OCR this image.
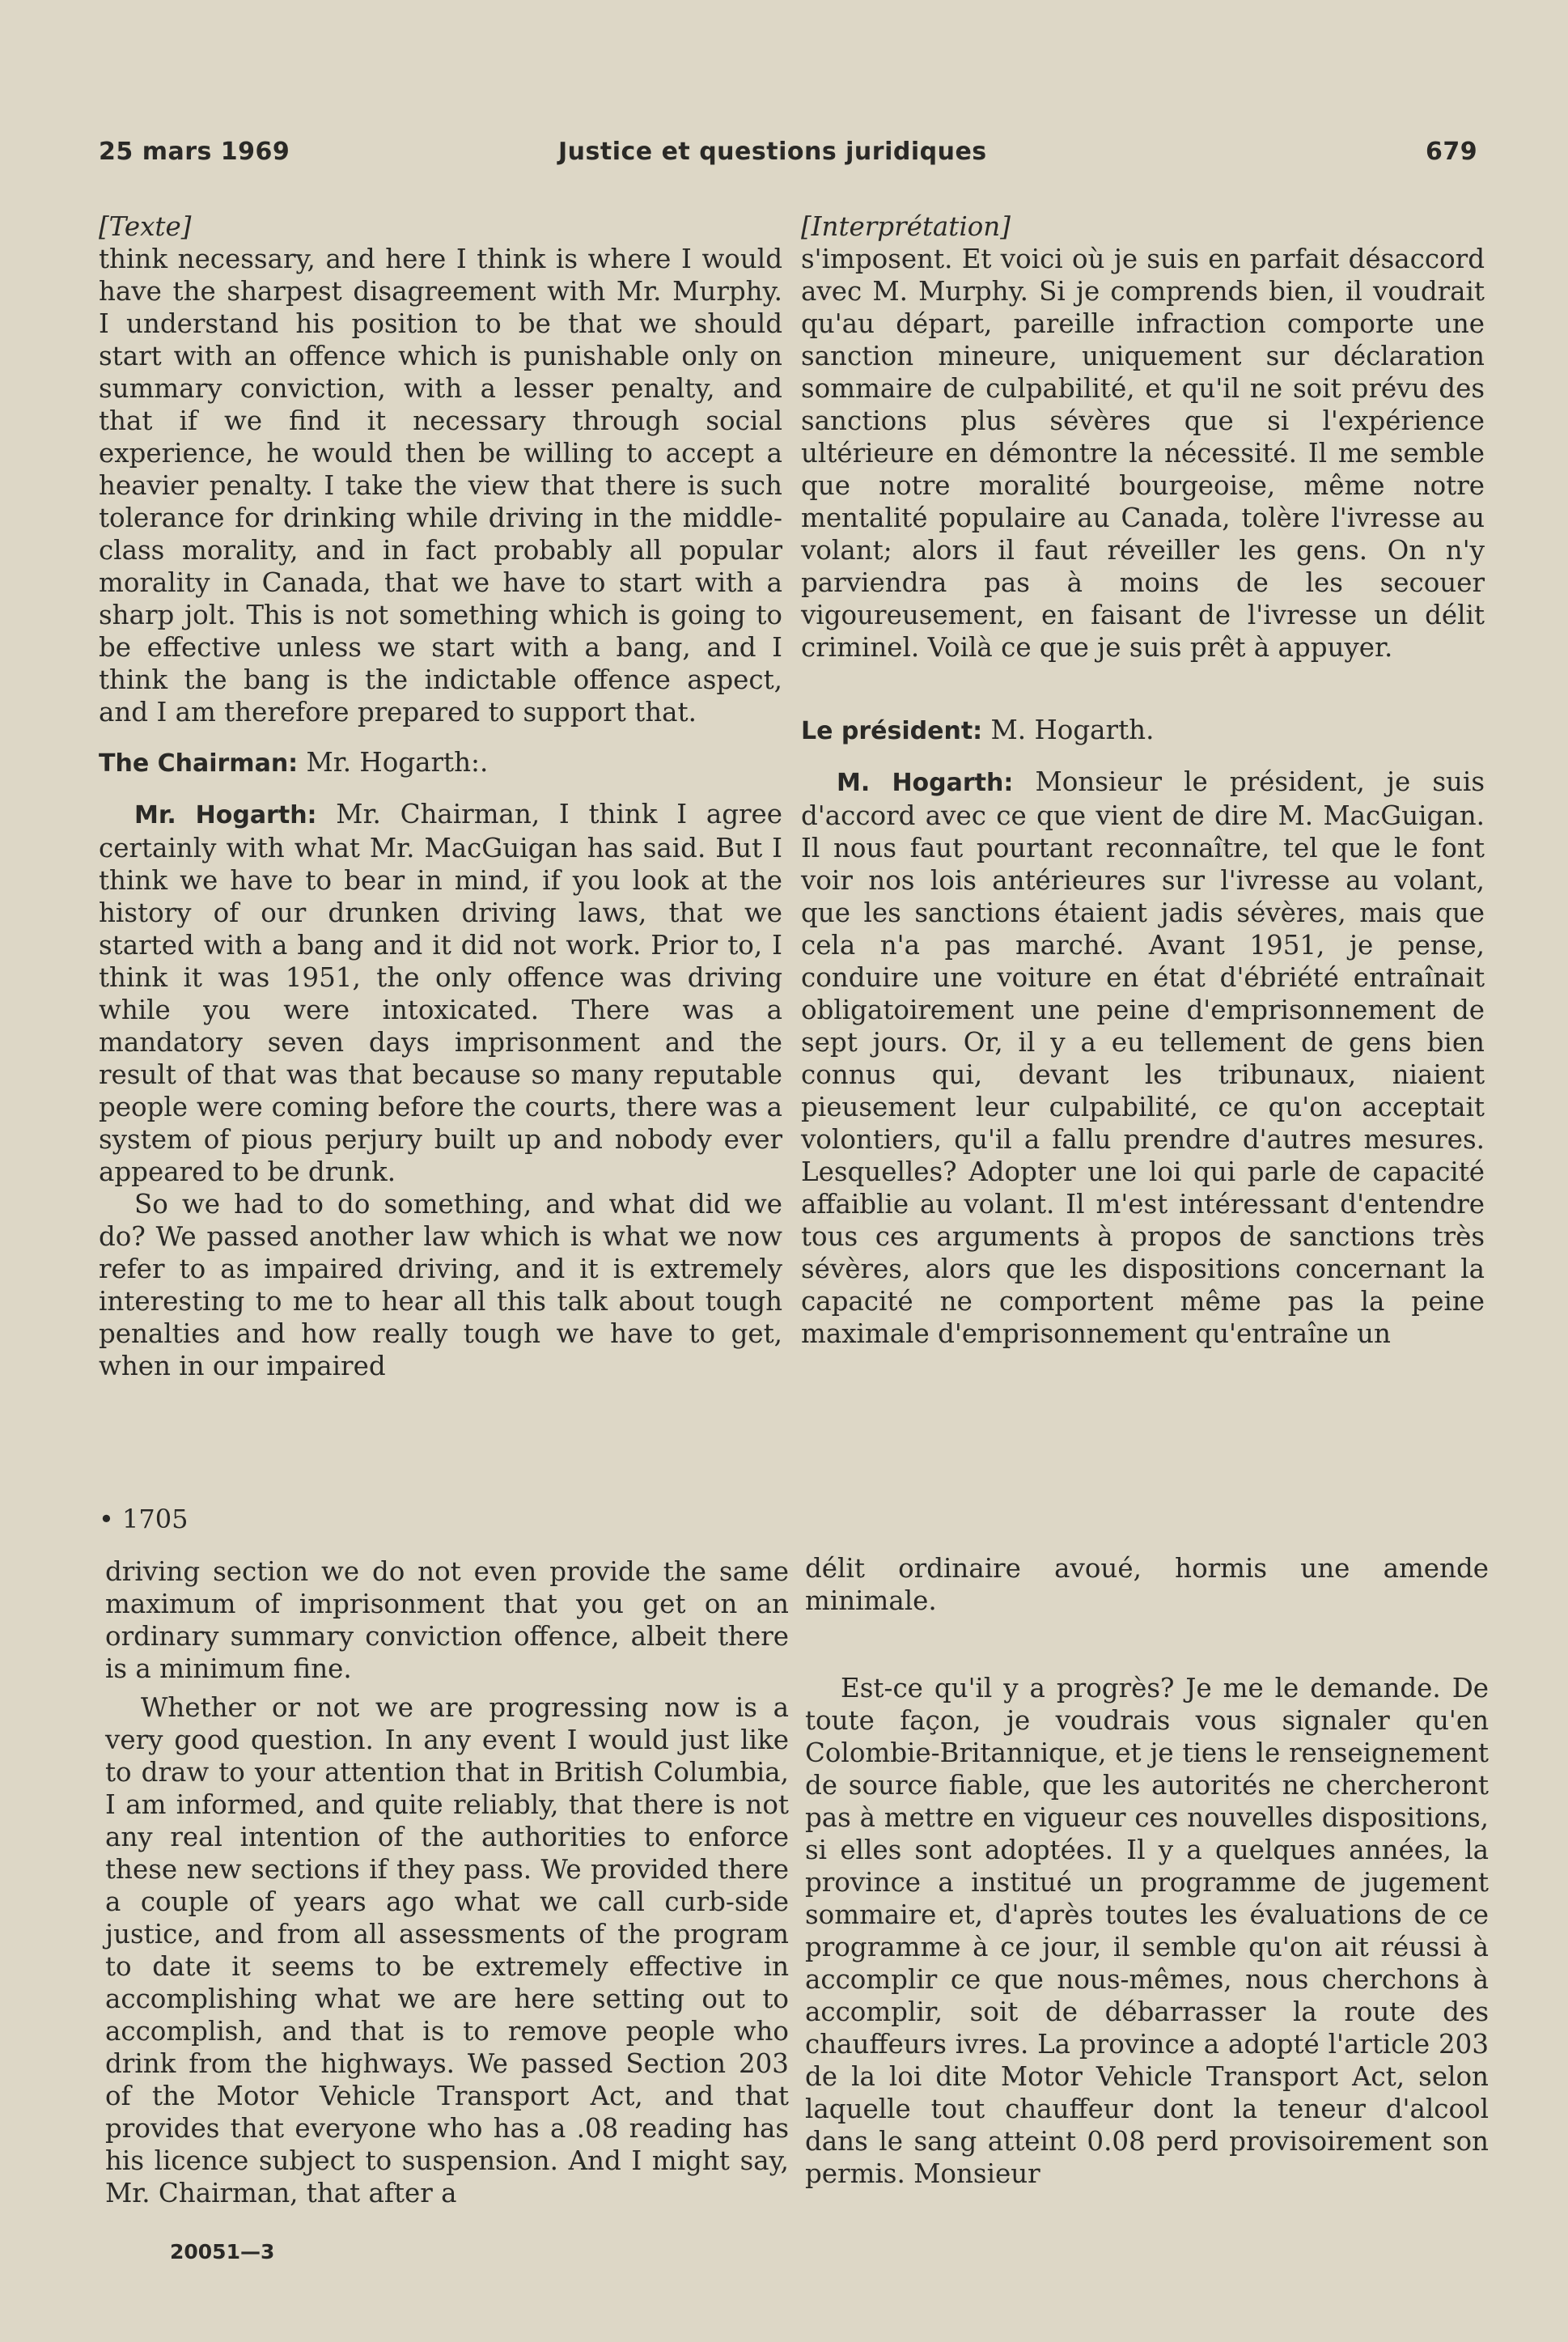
25 mars 1969	Justice et questions juridiques	679

[Texte]

think necessary, and here I think is where I would have the sharpest disagreement with Mr. Murphy. I understand his position to be that we should start with an offence which is punishable only on summary conviction, with a lesser penalty, and that if we find it necessary through social experience, he would then be willing to accept a heavier penalty. I take the view that there is such tolerance for drinking while driving in the middle-class morality, and in fact probably all popular morality in Canada, that we have to start with a sharp jolt. This is not something which is going to be effective unless we start with a bang, and I think the bang is the indictable offence aspect, and I am therefore prepared to support that.

The Chairman: Mr. Hogarth:.

Mr. Hogarth: Mr. Chairman, I think I agree certainly with what Mr. MacGuigan has said. But I think we have to bear in mind, if you look at the history of our drunken driving laws, that we started with a bang and it did not work. Prior to, I think it was 1951, the only offence was driving while you were intoxicated. There was a mandatory seven days imprisonment and the result of that was that because so many reputable people were coming before the courts, there was a system of pious perjury built up and nobody ever appeared to be drunk.

So we had to do something, and what did we do? We passed another law which is what we now refer to as impaired driving, and it is extremely interesting to me to hear all this talk about tough penalties and how really tough we have to get, when in our impaired

[Interprétation]

s'imposent. Et voici où je suis en parfait désaccord avec M. Murphy. Si je comprends bien, il voudrait qu'au départ, pareille infraction comporte une sanction mineure, uniquement sur déclaration sommaire de culpabilité, et qu'il ne soit prévu des sanctions plus sévères que si l'expérience ultérieure en démontre la nécessité. Il me semble que notre moralité bourgeoise, même notre mentalité populaire au Canada, tolère l'ivresse au volant; alors il faut réveiller les gens. On n'y parviendra pas à moins de les secouer vigoureusement, en faisant de l'ivresse un délit criminel. Voilà ce que je suis prêt à appuyer.

Le président: M. Hogarth.

M. Hogarth: Monsieur le président, je suis d'accord avec ce que vient de dire M. MacGuigan. Il nous faut pourtant reconnaître, tel que le font voir nos lois antérieures sur l'ivresse au volant, que les sanctions étaient jadis sévères, mais que cela n'a pas marché. Avant 1951, je pense, conduire une voiture en état d'ébriété entraînait obligatoirement une peine d'emprisonnement de sept jours. Or, il y a eu tellement de gens bien connus qui, devant les tribunaux, niaient pieusement leur culpabilité, ce qu'on acceptait volontiers, qu'il a fallu prendre d'autres mesures. Lesquelles? Adopter une loi qui parle de capacité affaiblie au volant. Il m'est intéressant d'entendre tous ces arguments à propos de sanctions très sévères, alors que les dispositions concernant la capacité ne comportent même pas la peine maximale d'emprisonnement qu'entraîne un

• 1705

driving section we do not even provide the same maximum of imprisonment that you get on an ordinary summary conviction offence, albeit there is a minimum fine.

Whether or not we are progressing now is a very good question. In any event I would just like to draw to your attention that in British Columbia, I am informed, and quite reliably, that there is not any real intention of the authorities to enforce these new sections if they pass. We provided there a couple of years ago what we call curb-side justice, and from all assessments of the program to date it seems to be extremely effective in accomplishing what we are here setting out to accomplish, and that is to remove people who drink from the highways. We passed Section 203 of the Motor Vehicle Transport Act, and that provides that everyone who has a .08 reading has his licence subject to suspension. And I might say, Mr. Chairman, that after a

délit ordinaire avoué, hormis une amende minimale.

Est-ce qu'il y a progrès? Je me le demande. De toute façon, je voudrais vous signaler qu'en Colombie-Britannique, et je tiens le renseignement de source fiable, que les autorités ne chercheront pas à mettre en vigueur ces nouvelles dispositions, si elles sont adoptées. Il y a quelques années, la province a institué un programme de jugement sommaire et, d'après toutes les évaluations de ce programme à ce jour, il semble qu'on ait réussi à accomplir ce que nous-mêmes, nous cherchons à accomplir, soit de débarrasser la route des chauffeurs ivres. La province a adopté l'article 203 de la loi dite Motor Vehicle Transport Act, selon laquelle tout chauffeur dont la teneur d'alcool dans le sang atteint 0.08 perd provisoirement son permis. Monsieur

20051—3
